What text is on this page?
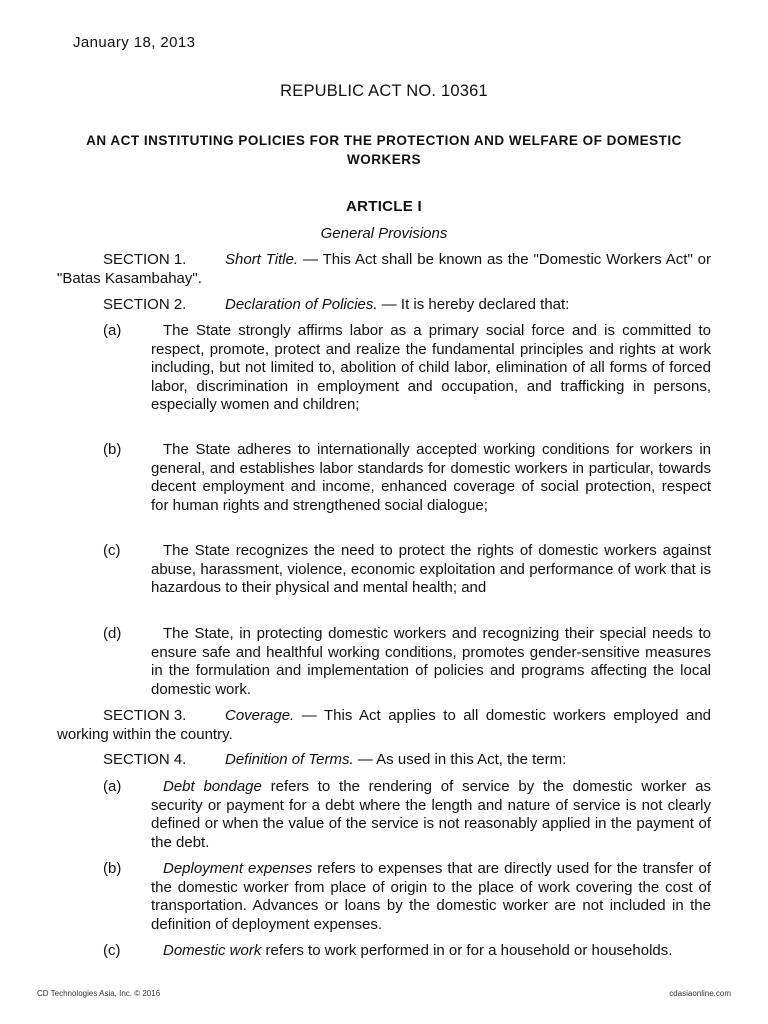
January 18, 2013
REPUBLIC ACT NO. 10361
AN ACT INSTITUTING POLICIES FOR THE PROTECTION AND WELFARE OF DOMESTIC WORKERS
ARTICLE I
General Provisions
SECTION 1.	Short Title. — This Act shall be known as the "Domestic Workers Act" or "Batas Kasambahay".
SECTION 2.	Declaration of Policies. — It is hereby declared that:
(a)	The State strongly affirms labor as a primary social force and is committed to respect, promote, protect and realize the fundamental principles and rights at work including, but not limited to, abolition of child labor, elimination of all forms of forced labor, discrimination in employment and occupation, and trafficking in persons, especially women and children;
(b)	The State adheres to internationally accepted working conditions for workers in general, and establishes labor standards for domestic workers in particular, towards decent employment and income, enhanced coverage of social protection, respect for human rights and strengthened social dialogue;
(c)	The State recognizes the need to protect the rights of domestic workers against abuse, harassment, violence, economic exploitation and performance of work that is hazardous to their physical and mental health; and
(d)	The State, in protecting domestic workers and recognizing their special needs to ensure safe and healthful working conditions, promotes gender-sensitive measures in the formulation and implementation of policies and programs affecting the local domestic work.
SECTION 3.	Coverage. — This Act applies to all domestic workers employed and working within the country.
SECTION 4.	Definition of Terms. — As used in this Act, the term:
(a)	Debt bondage refers to the rendering of service by the domestic worker as security or payment for a debt where the length and nature of service is not clearly defined or when the value of the service is not reasonably applied in the payment of the debt.
(b)	Deployment expenses refers to expenses that are directly used for the transfer of the domestic worker from place of origin to the place of work covering the cost of transportation. Advances or loans by the domestic worker are not included in the definition of deployment expenses.
(c)	Domestic work refers to work performed in or for a household or households.
CD Technologies Asia, Inc. © 2016	cdasiaonline.com
